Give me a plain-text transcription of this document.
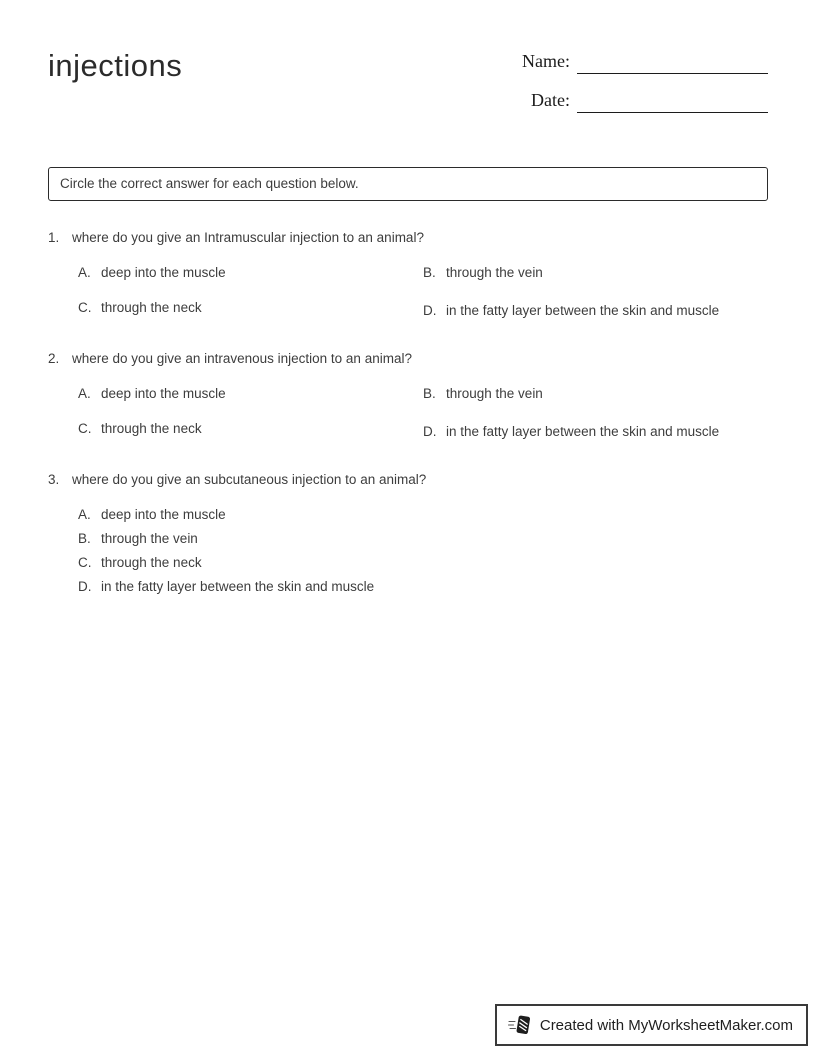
injections	Name:
Date:
Circle the correct answer for each question below.
1. where do you give an Intramuscular injection to an animal?
A. deep into the muscle	B. through the vein
C. through the neck	D. in the fatty layer between the skin and muscle
2. where do you give an intravenous injection to an animal?
A. deep into the muscle	B. through the vein
C. through the neck	D. in the fatty layer between the skin and muscle
3. where do you give an subcutaneous injection to an animal?
A. deep into the muscle
B. through the vein
C. through the neck
D. in the fatty layer between the skin and muscle
Created with MyWorksheetMaker.com
